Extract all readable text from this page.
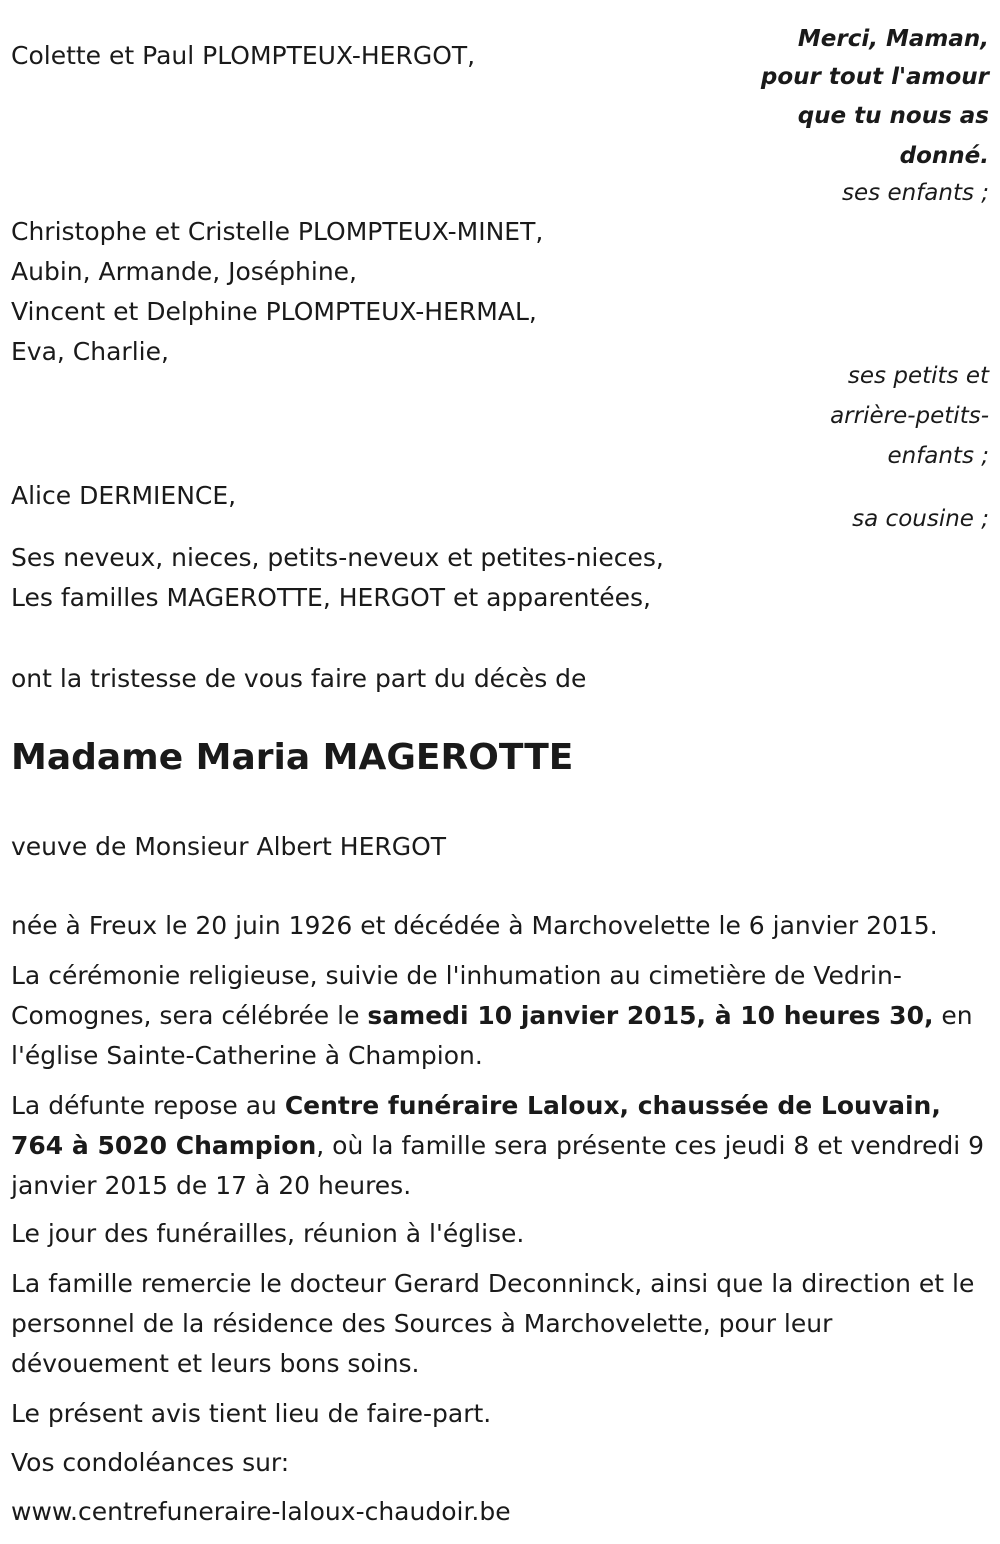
Colette et Paul PLOMPTEUX-HERGOT,
Christophe et Cristelle PLOMPTEUX-MINET,
Aubin, Armande, Joséphine,
Vincent et Delphine PLOMPTEUX-HERMAL,
Eva, Charlie,
Alice DERMIENCE,
Ses neveux, nieces, petits-neveux et petites-nieces,
Les familles MAGEROTTE, HERGOT et apparentées,
Merci, Maman,
pour tout l'amour
que tu nous as
donné.
ses enfants ;
ses petits et
arrière-petits-
enfants ;
sa cousine ;
ont la tristesse de vous faire part du décès de
Madame Maria MAGEROTTE
veuve de Monsieur Albert HERGOT
née à Freux le 20 juin 1926 et décédée à Marchovelette le 6 janvier 2015.
La cérémonie religieuse, suivie de l'inhumation au cimetière de Vedrin-Comognes, sera célébrée le samedi 10 janvier 2015, à 10 heures 30, en l'église Sainte-Catherine à Champion.
La défunte repose au Centre funéraire Laloux, chaussée de Louvain, 764 à 5020 Champion, où la famille sera présente ces jeudi 8 et vendredi 9 janvier 2015 de 17 à 20 heures.
Le jour des funérailles, réunion à l'église.
La famille remercie le docteur Gerard Deconninck, ainsi que la direction et le personnel de la résidence des Sources à Marchovelette, pour leur dévouement et leurs bons soins.
Le présent avis tient lieu de faire-part.
Vos condoléances sur:
www.centrefuneraire-laloux-chaudoir.be
